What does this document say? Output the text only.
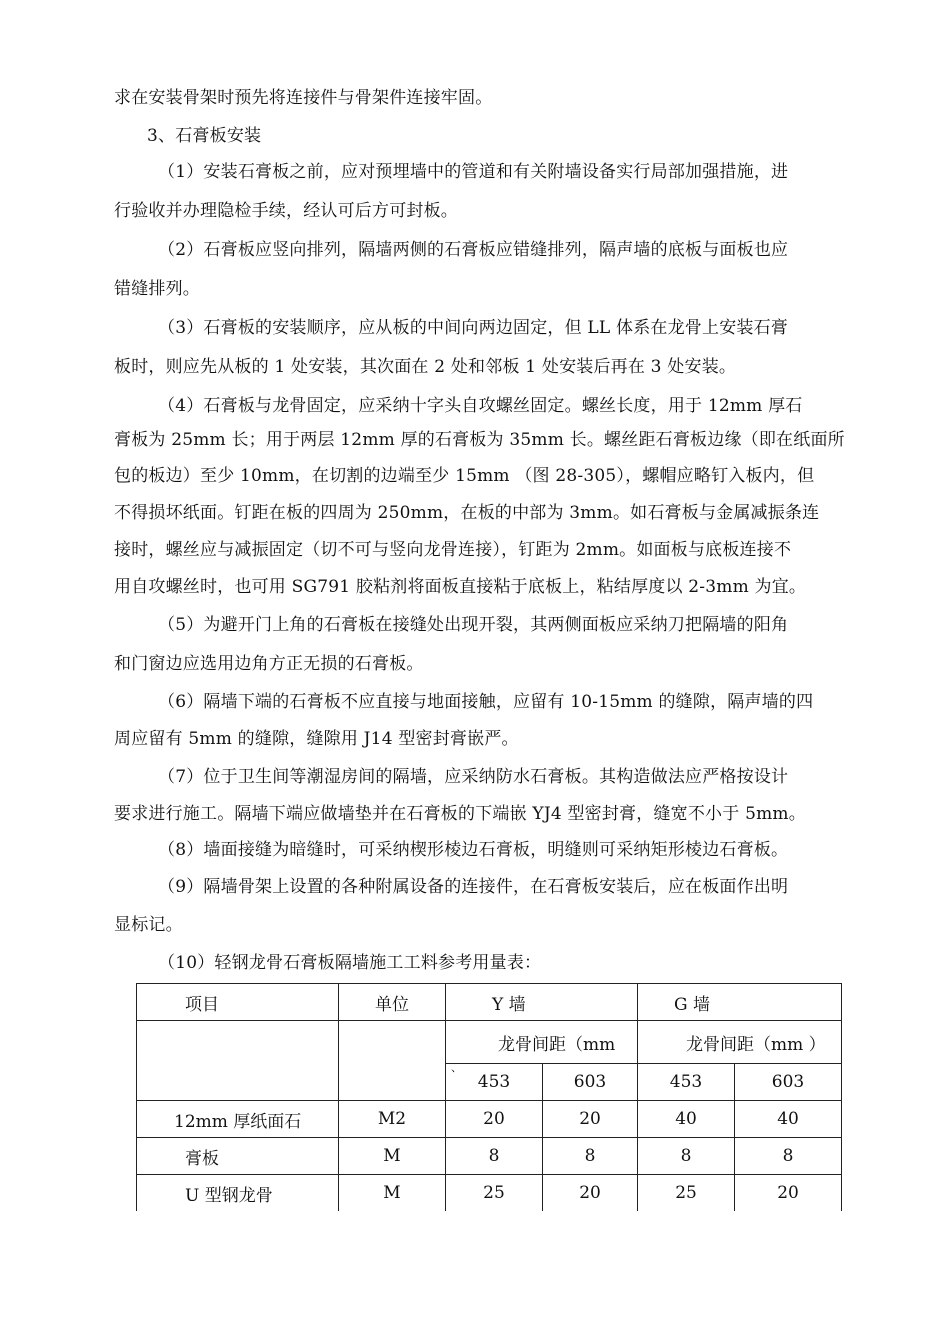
求在安装骨架时预先将连接件与骨架件连接牢固。
3、石膏板安装
（1）安装石膏板之前，应对预埋墙中的管道和有关附墙设备实行局部加强措施，进
行验收并办理隐检手续，经认可后方可封板。
（2）石膏板应竖向排列，隔墙两侧的石膏板应错缝排列，隔声墙的底板与面板也应
错缝排列。
（3）石膏板的安装顺序，应从板的中间向两边固定，但 LL 体系在龙骨上安装石膏
板时，则应先从板的 1 处安装，其次面在 2 处和邻板 1 处安装后再在 3 处安装。
（4）石膏板与龙骨固定，应采纳十字头自攻螺丝固定。螺丝长度，用于 12mm 厚石
膏板为 25mm 长；用于两层 12mm 厚的石膏板为 35mm 长。螺丝距石膏板边缘（即在纸面所
包的板边）至少 10mm，在切割的边端至少 15mm （图 28-305），螺帽应略钉入板内，但
不得损坏纸面。钉距在板的四周为 250mm，在板的中部为 3mm。如石膏板与金属减振条连
接时，螺丝应与减振固定（切不可与竖向龙骨连接），钉距为 2mm。如面板与底板连接不
用自攻螺丝时，也可用 SG791 胶粘剂将面板直接粘于底板上，粘结厚度以 2-3mm 为宜。
（5）为避开门上角的石膏板在接缝处出现开裂，其两侧面板应采纳刀把隔墙的阳角
和门窗边应选用边角方正无损的石膏板。
（6）隔墙下端的石膏板不应直接与地面接触，应留有 10-15mm 的缝隙，隔声墙的四
周应留有 5mm 的缝隙，缝隙用 J14 型密封膏嵌严。
（7）位于卫生间等潮湿房间的隔墙，应采纳防水石膏板。其构造做法应严格按设计
要求进行施工。隔墙下端应做墙垫并在石膏板的下端嵌 YJ4 型密封膏，缝宽不小于 5mm。
（8）墙面接缝为暗缝时，可采纳楔形棱边石膏板，明缝则可采纳矩形棱边石膏板。
（9）隔墙骨架上设置的各种附属设备的连接件，在石膏板安装后，应在板面作出明
显标记。
（10）轻钢龙骨石膏板隔墙施工工料参考用量表：
项目	单位	Y 墙		G 墙	
		龙骨间距（mm		龙骨间距（mm ）	
		453	603	453	603
12mm 厚纸面石	M2	20	20	40	40
膏板	M	8	8	8	8
U 型钢龙骨	M	25	20	25	20
、
